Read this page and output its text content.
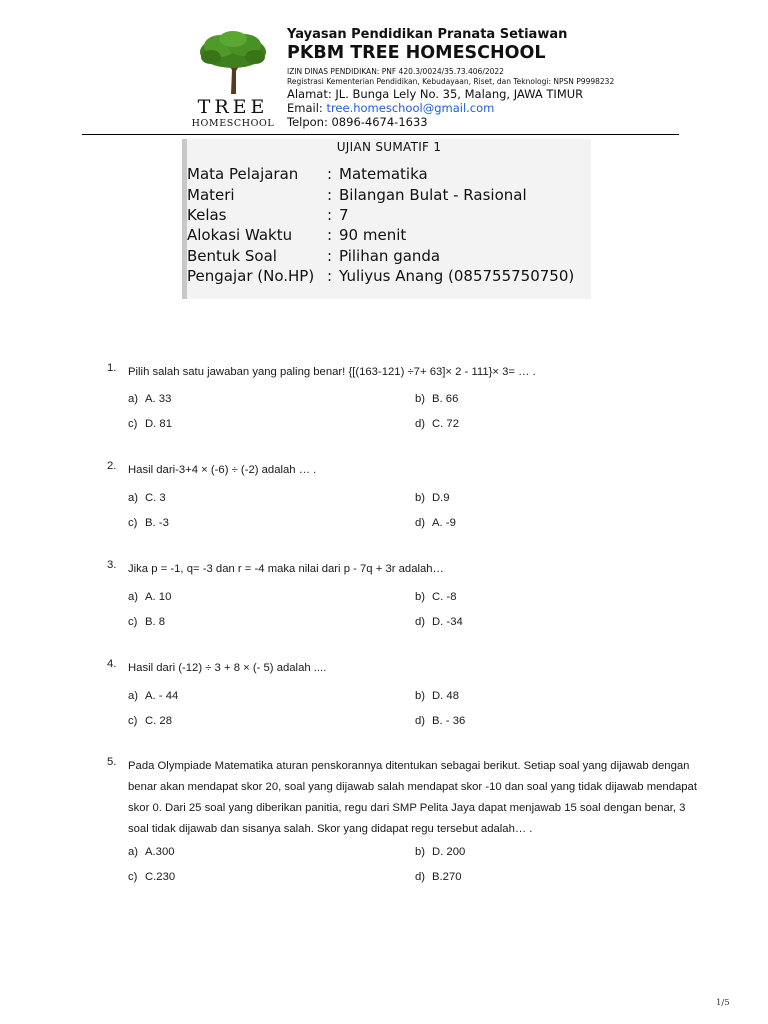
TREE
HOMESCHOOL
Yayasan Pendidikan Pranata Setiawan
PKBM TREE HOMESCHOOL
IZIN DINAS PENDIDIKAN: PNF 420.3/0024/35.73.406/2022
Registrasi Kementerian Pendidikan, Kebudayaan, Riset, dan Teknologi: NPSN P9998232
Alamat: JL. Bunga Lely No. 35, Malang, JAWA TIMUR
Email: tree.homeschool@gmail.com
Telpon: 0896-4674-1633
UJIAN SUMATIF 1
Mata Pelajaran : Matematika
Materi	: Bilangan Bulat - Rasional
Kelas	: 7
Alokasi Waktu : 90 menit
Bentuk Soal	: Pilihan ganda
Pengajar (No.HP) : Yuliyus Anang (085755750750)
1. Pilih salah satu jawaban yang paling benar! {[(163-121) ÷7+ 63]× 2 - 111}× 3= … .
a) A. 33	b) B. 66
c) D. 81	d) C. 72
2. Hasil dari-3+4 × (-6) ÷ (-2) adalah … .
a) C. 3	b) D.9
c) B. -3	d) A. -9
3. Jika p = -1, q= -3 dan r = -4 maka nilai dari p - 7q + 3r adalah…
a) A. 10	b) C. -8
c) B. 8	d) D. -34
4. Hasil dari (-12) ÷ 3 + 8 × (- 5) adalah ....
a) A. - 44	b) D. 48
c) C. 28	d) B. - 36
5. Pada Olympiade Matematika aturan penskorannya ditentukan sebagai berikut. Setiap soal yang dijawab dengan benar akan mendapat skor 20, soal yang dijawab salah mendapat skor -10 dan soal yang tidak dijawab mendapat skor 0. Dari 25 soal yang diberikan panitia, regu dari SMP Pelita Jaya dapat menjawab 15 soal dengan benar, 3 soal tidak dijawab dan sisanya salah. Skor yang didapat regu tersebut adalah… .
a) A.300	b) D. 200
c) C.230	d) B.270
1/5
